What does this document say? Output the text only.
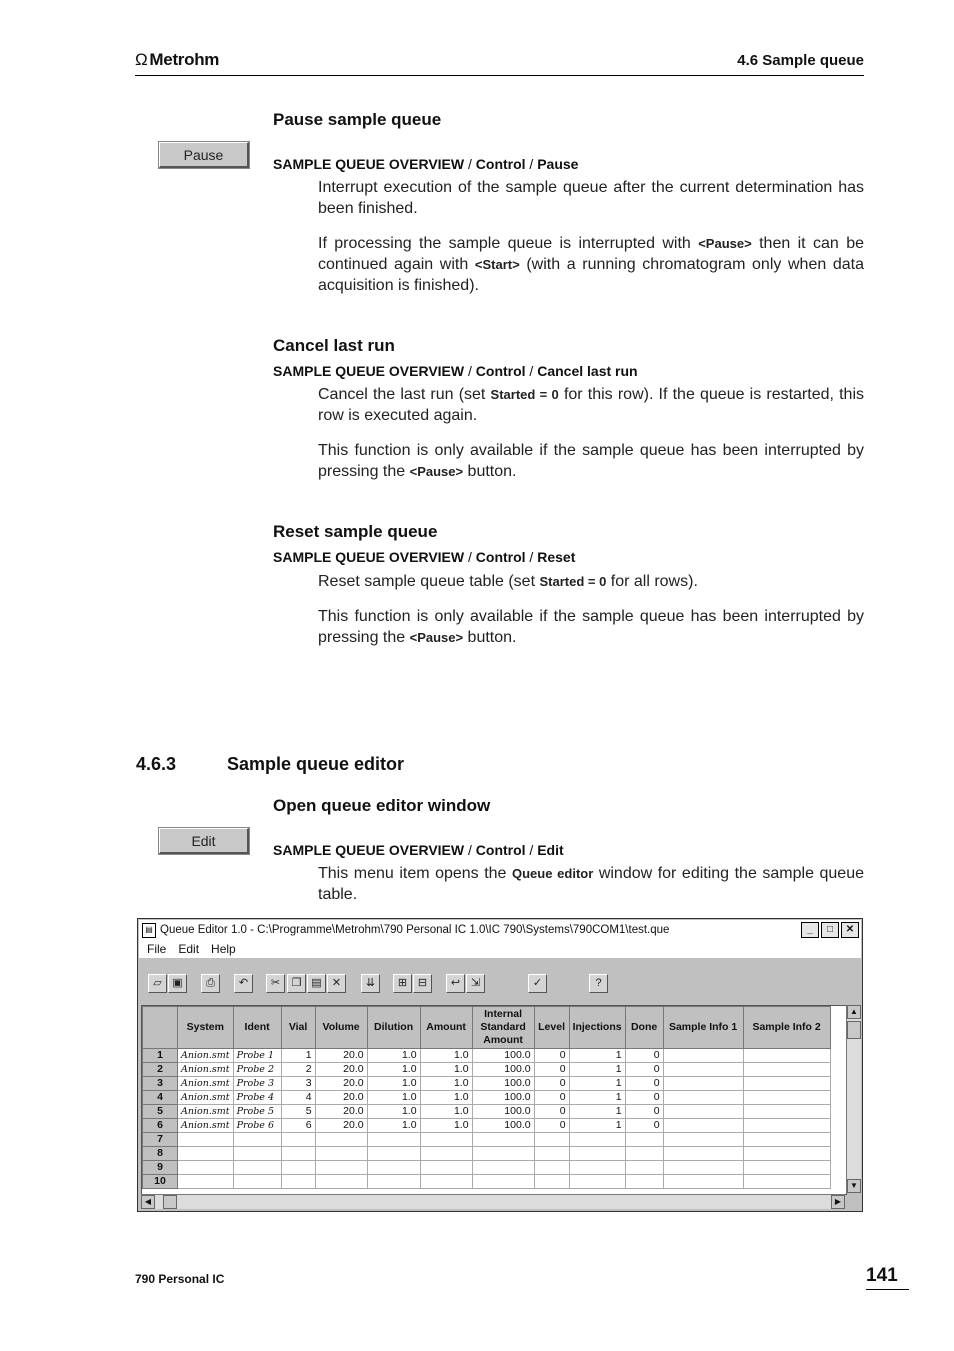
Ω Metrohm	4.6 Sample queue
Pause sample queue
Pause
SAMPLE QUEUE OVERVIEW / Control / Pause
Interrupt execution of the sample queue after the current determination has been finished.
If processing the sample queue is interrupted with <Pause> then it can be continued again with <Start> (with a running chromatogram only when data acquisition is finished).
Cancel last run
SAMPLE QUEUE OVERVIEW / Control / Cancel last run
Cancel the last run (set Started = 0 for this row). If the queue is restarted, this row is executed again.
This function is only available if the sample queue has been interrupted by pressing the <Pause> button.
Reset sample queue
SAMPLE QUEUE OVERVIEW / Control / Reset
Reset sample queue table (set Started = 0 for all rows).
This function is only available if the sample queue has been interrupted by pressing the <Pause> button.
4.6.3	Sample queue editor
Open queue editor window
Edit
SAMPLE QUEUE OVERVIEW / Control / Edit
This menu item opens the Queue editor window for editing the sample queue table.
▤ Queue Editor 1.0 - C:\Programme\Metrohm\790 Personal IC 1.0\IC 790\Systems\790COM1\test.que	_	□	✕
File Edit Help
▱ ▣	⎙	↶	✂	❐ ▤ ✕	⇊	⊞ ⊟	↩ ⇲	✓	?
	System	Ident	Vial	Volume	Dilution	Amount	Internal Standard Amount	Level	Injections	Done	Sample Info 1	Sample Info 2
1	Anion.smt	Probe 1	1	20.0	1.0	1.0	100.0	0	1	0		
2	Anion.smt	Probe 2	2	20.0	1.0	1.0	100.0	0	1	0		
3	Anion.smt	Probe 3	3	20.0	1.0	1.0	100.0	0	1	0		
4	Anion.smt	Probe 4	4	20.0	1.0	1.0	100.0	0	1	0		
5	Anion.smt	Probe 5	5	20.0	1.0	1.0	100.0	0	1	0		
6	Anion.smt	Probe 6	6	20.0	1.0	1.0	100.0	0	1	0		
7												
8												
9												
10												
▲
▼
◀	▶
790 Personal IC	141
